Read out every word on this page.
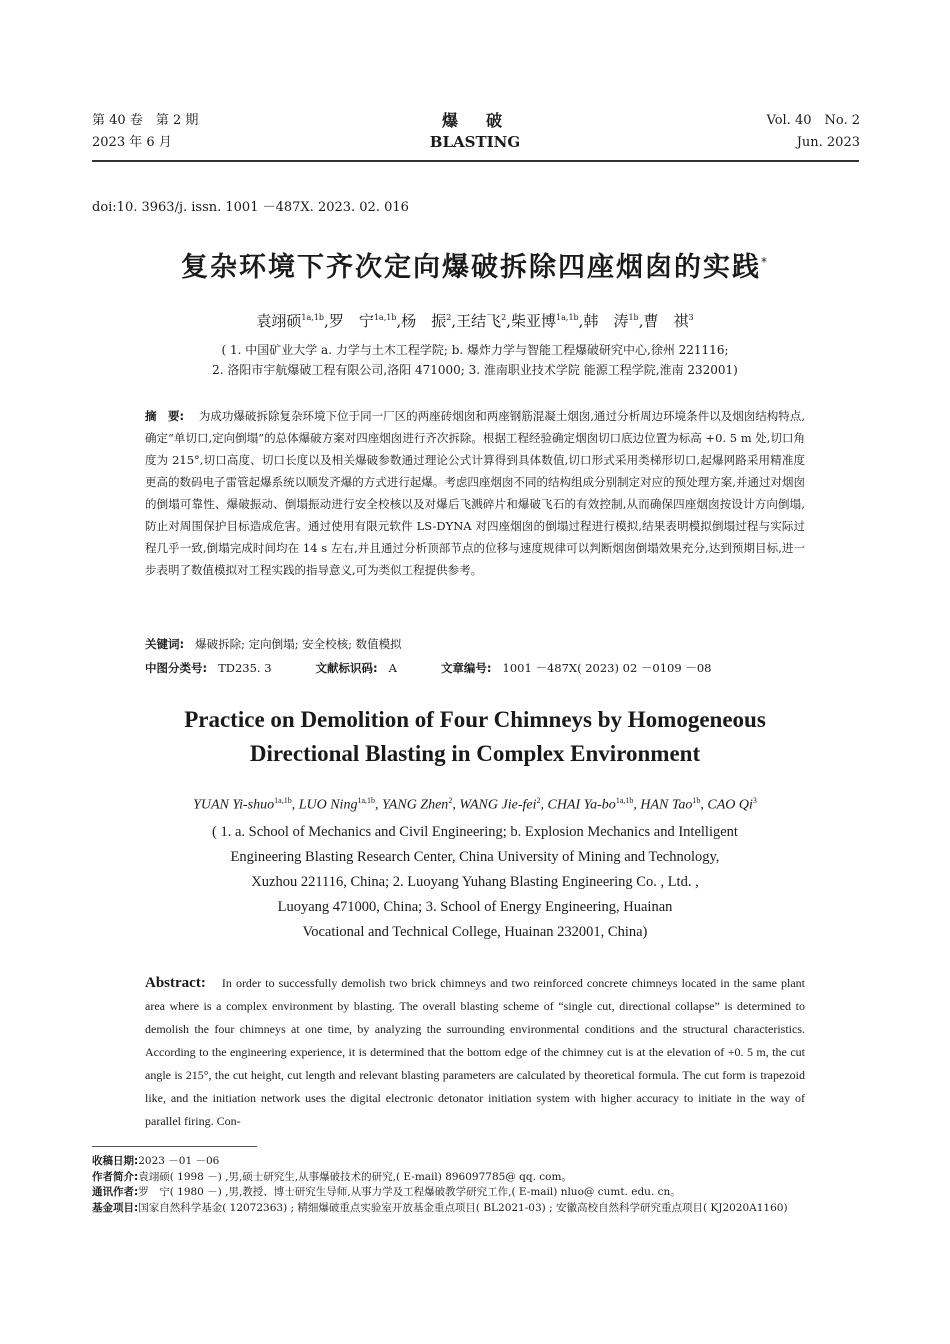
第 40 卷　第 2 期
2023 年 6 月
爆　破
BLASTING
Vol. 40　No. 2
Jun. 2023
doi:10. 3963/j. issn. 1001 －487X. 2023. 02. 016
复杂环境下齐次定向爆破拆除四座烟囱的实践*
袁翊硕$^{1a,1b}$,罗　宁$^{1a,1b}$,杨　振$^2$,王结飞$^2$,柴亚博$^{1a,1b}$,韩　涛$^{1b}$,曹　祺$^3$
( 1. 中国矿业大学 a. 力学与土木工程学院; b. 爆炸力学与智能工程爆破研究中心,徐州 221116;
2. 洛阳市宇航爆破工程有限公司,洛阳 471000; 3. 淮南职业技术学院 能源工程学院,淮南 232001)
摘　要: 为成功爆破拆除复杂环境下位于同一厂区的两座砖烟囱和两座钢筋混凝土烟囱,通过分析周边环境条件以及烟囱结构特点,确定“单切口,定向倒塌”的总体爆破方案对四座烟囱进行齐次拆除。根据工程经验确定烟囱切口底边位置为标高 +0. 5 m 处,切口角度为 215°,切口高度、切口长度以及相关爆破参数通过理论公式计算得到具体数值,切口形式采用类梯形切口,起爆网路采用精准度更高的数码电子雷管起爆系统以顺发齐爆的方式进行起爆。考虑四座烟囱不同的结构组成分别制定对应的预处理方案,并通过对烟囱的倒塌可靠性、爆破振动、倒塌振动进行安全校核以及对爆后飞溅碎片和爆破飞石的有效控制,从而确保四座烟囱按设计方向倒塌,防止对周围保护目标造成危害。通过使用有限元软件 LS-DYNA 对四座烟囱的倒塌过程进行模拟,结果表明模拟倒塌过程与实际过程几乎一致,倒塌完成时间均在 14 s 左右,并且通过分析顶部节点的位移与速度规律可以判断烟囱倒塌效果充分,达到预期目标,进一步表明了数值模拟对工程实践的指导意义,可为类似工程提供参考。
关键词: 爆破拆除; 定向倒塌; 安全校核; 数值模拟
中图分类号: TD235. 3	文献标识码: A	文章编号: 1001 －487X( 2023) 02 －0109 －08
Practice on Demolition of Four Chimneys by Homogeneous
Directional Blasting in Complex Environment
YUAN Yi-shuo$^{1a,1b}$, LUO Ning$^{1a,1b}$, YANG Zhen$^2$, WANG Jie-fei$^2$, CHAI $Ya-bo^{1a,1b}$, HAN Tao$^{1b}$, CAO Qi$^3$
( 1. a. School of Mechanics and Civil Engineering; b. Explosion Mechanics and Intelligent
Engineering Blasting Research Center, China University of Mining and Technology,
Xuzhou 221116, China; 2. Luoyang Yuhang Blasting Engineering Co. , Ltd. ,
Luoyang 471000, China; 3. School of Energy Engineering, Huainan
Vocational and Technical College, Huainan 232001, China)
Abstract: In order to successfully demolish two brick chimneys and two reinforced concrete chimneys located in the same plant area where is a complex environment by blasting. The overall blasting scheme of “single cut, directional collapse” is determined to demolish the four chimneys at one time, by analyzing the surrounding environmental conditions and the structural characteristics. According to the engineering experience, it is determined that the bottom edge of the chimney cut is at the elevation of +0. 5 m, the cut angle is 215°, the cut height, cut length and relevant blasting parameters are calculated by theoretical formula. The cut form is trapezoid like, and the initiation network uses the digital electronic detonator initiation system with higher accuracy to initiate in the way of parallel firing. Con-
收稿日期: 2023 －01 －06
作者简介: 袁翊硕( 1998 －) ,男,硕士研究生,从事爆破技术的研究,( E-mail) 896097785@ qq. com。
通讯作者: 罗　宁( 1980 －) ,男,教授、博士研究生导师,从事力学及工程爆破教学研究工作,( E-mail) nluo@ cumt. edu. cn。
基金项目: 国家自然科学基金( 12072363) ; 精细爆破重点实验室开放基金重点项目( BL2021-03) ; 安徽高校自然科学研究重点项目( KJ2020A1160)
